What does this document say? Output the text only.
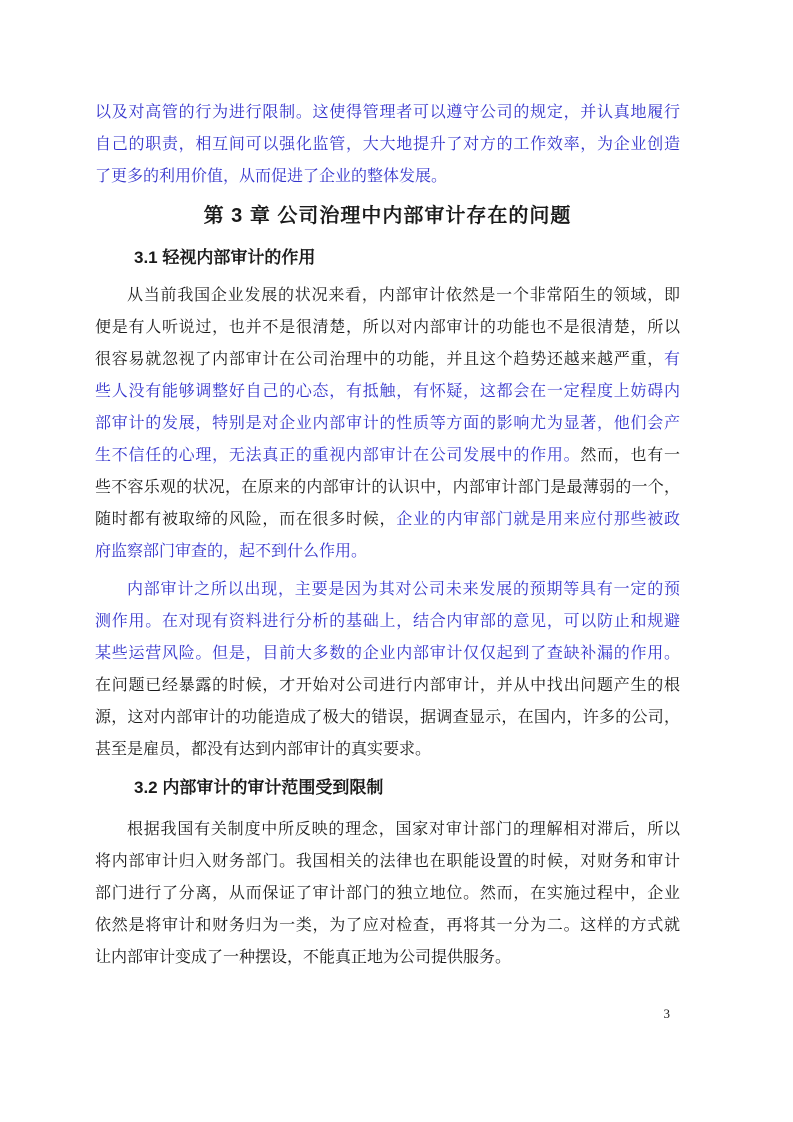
以及对高管的行为进行限制。这使得管理者可以遵守公司的规定，并认真地履行
自己的职责，相互间可以强化监管，大大地提升了对方的工作效率，为企业创造
了更多的利用价值，从而促进了企业的整体发展。
第 3 章 公司治理中内部审计存在的问题
3.1 轻视内部审计的作用
从当前我国企业发展的状况来看，内部审计依然是一个非常陌生的领域，即
便是有人听说过，也并不是很清楚，所以对内部审计的功能也不是很清楚，所以
很容易就忽视了内部审计在公司治理中的功能，并且这个趋势还越来越严重，有
些人没有能够调整好自己的心态，有抵触，有怀疑，这都会在一定程度上妨碍内
部审计的发展，特别是对企业内部审计的性质等方面的影响尤为显著，他们会产
生不信任的心理，无法真正的重视内部审计在公司发展中的作用。然而，也有一
些不容乐观的状况，在原来的内部审计的认识中，内部审计部门是最薄弱的一个，
随时都有被取缔的风险，而在很多时候，企业的内审部门就是用来应付那些被政
府监察部门审查的，起不到什么作用。
内部审计之所以出现，主要是因为其对公司未来发展的预期等具有一定的预
测作用。在对现有资料进行分析的基础上，结合内审部的意见，可以防止和规避
某些运营风险。但是，目前大多数的企业内部审计仅仅起到了查缺补漏的作用。
在问题已经暴露的时候，才开始对公司进行内部审计，并从中找出问题产生的根
源，这对内部审计的功能造成了极大的错误，据调查显示，在国内，许多的公司，
甚至是雇员，都没有达到内部审计的真实要求。
3.2 内部审计的审计范围受到限制
根据我国有关制度中所反映的理念，国家对审计部门的理解相对滞后，所以
将内部审计归入财务部门。我国相关的法律也在职能设置的时候，对财务和审计
部门进行了分离，从而保证了审计部门的独立地位。然而，在实施过程中，企业
依然是将审计和财务归为一类，为了应对检查，再将其一分为二。这样的方式就
让内部审计变成了一种摆设，不能真正地为公司提供服务。
3
